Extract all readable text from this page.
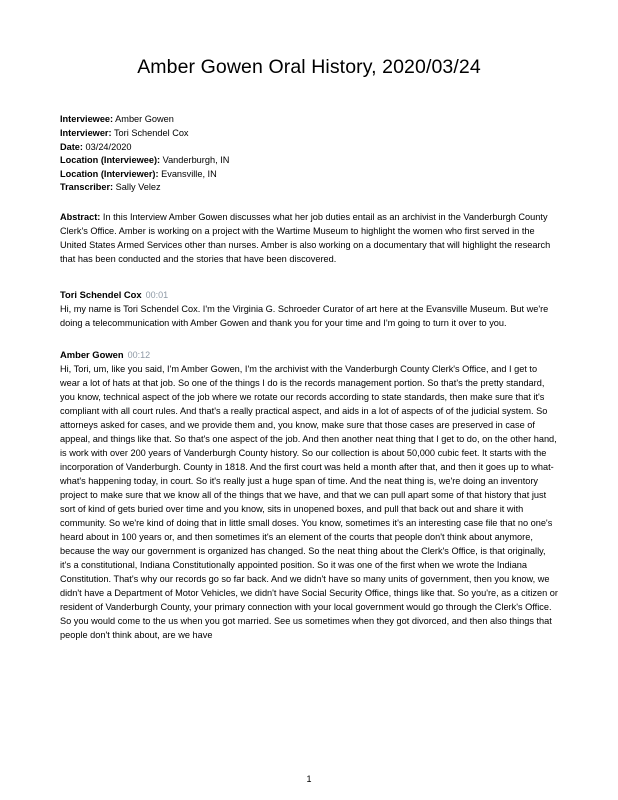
Amber Gowen Oral History, 2020/03/24
Interviewee: Amber Gowen
Interviewer: Tori Schendel Cox
Date: 03/24/2020
Location (Interviewee): Vanderburgh, IN
Location (Interviewer): Evansville, IN
Transcriber: Sally Velez

Abstract: In this Interview Amber Gowen discusses what her job duties entail as an archivist in the Vanderburgh County Clerk's Office. Amber is working on a project with the Wartime Museum to highlight the women who first served in the United States Armed Services other than nurses. Amber is also working on a documentary that will highlight the research that has been conducted and the stories that have been discovered.

Tori Schendel Cox 00:01
Hi, my name is Tori Schendel Cox. I'm the Virginia G. Schroeder Curator of art here at the Evansville Museum. But we're doing a telecommunication with Amber Gowen and thank you for your time and I'm going to turn it over to you.
Amber Gowen 00:12
Hi, Tori, um, like you said, I'm Amber Gowen, I'm the archivist with the Vanderburgh County Clerk's Office, and I get to wear a lot of hats at that job. So one of the things I do is the records management portion. So that's the pretty standard, you know, technical aspect of the job where we rotate our records according to state standards, then make sure that it's compliant with all court rules. And that's a really practical aspect, and aids in a lot of aspects of of the judicial system. So attorneys asked for cases, and we provide them and, you know, make sure that those cases are preserved in case of appeal, and things like that. So that's one aspect of the job. And then another neat thing that I get to do, on the other hand, is work with over 200 years of Vanderburgh County history. So our collection is about 50,000 cubic feet. It starts with the incorporation of Vanderburgh. County in 1818. And the first court was held a month after that, and then it goes up to what-what's happening today, in court. So it's really just a huge span of time. And the neat thing is, we're doing an inventory project to make sure that we know all of the things that we have, and that we can pull apart some of that history that just sort of kind of gets buried over time and you know, sits in unopened boxes, and pull that back out and share it with community. So we're kind of doing that in little small doses. You know, sometimes it's an interesting case file that no one's heard about in 100 years or, and then sometimes it's an element of the courts that people don't think about anymore, because the way our government is organized has changed. So the neat thing about the Clerk's Office, is that originally, it's a constitutional, Indiana Constitutionally appointed position. So it was one of the first when we wrote the Indiana Constitution. That's why our records go so far back. And we didn't have so many units of government, then you know, we didn't have a Department of Motor Vehicles, we didn't have Social Security Office, things like that. So you're, as a citizen or resident of Vanderburgh County, your primary connection with your local government would go through the Clerk's Office. So you would come to the us when you got married. See us sometimes when they got divorced, and then also things that people don't think about, are we have
1
